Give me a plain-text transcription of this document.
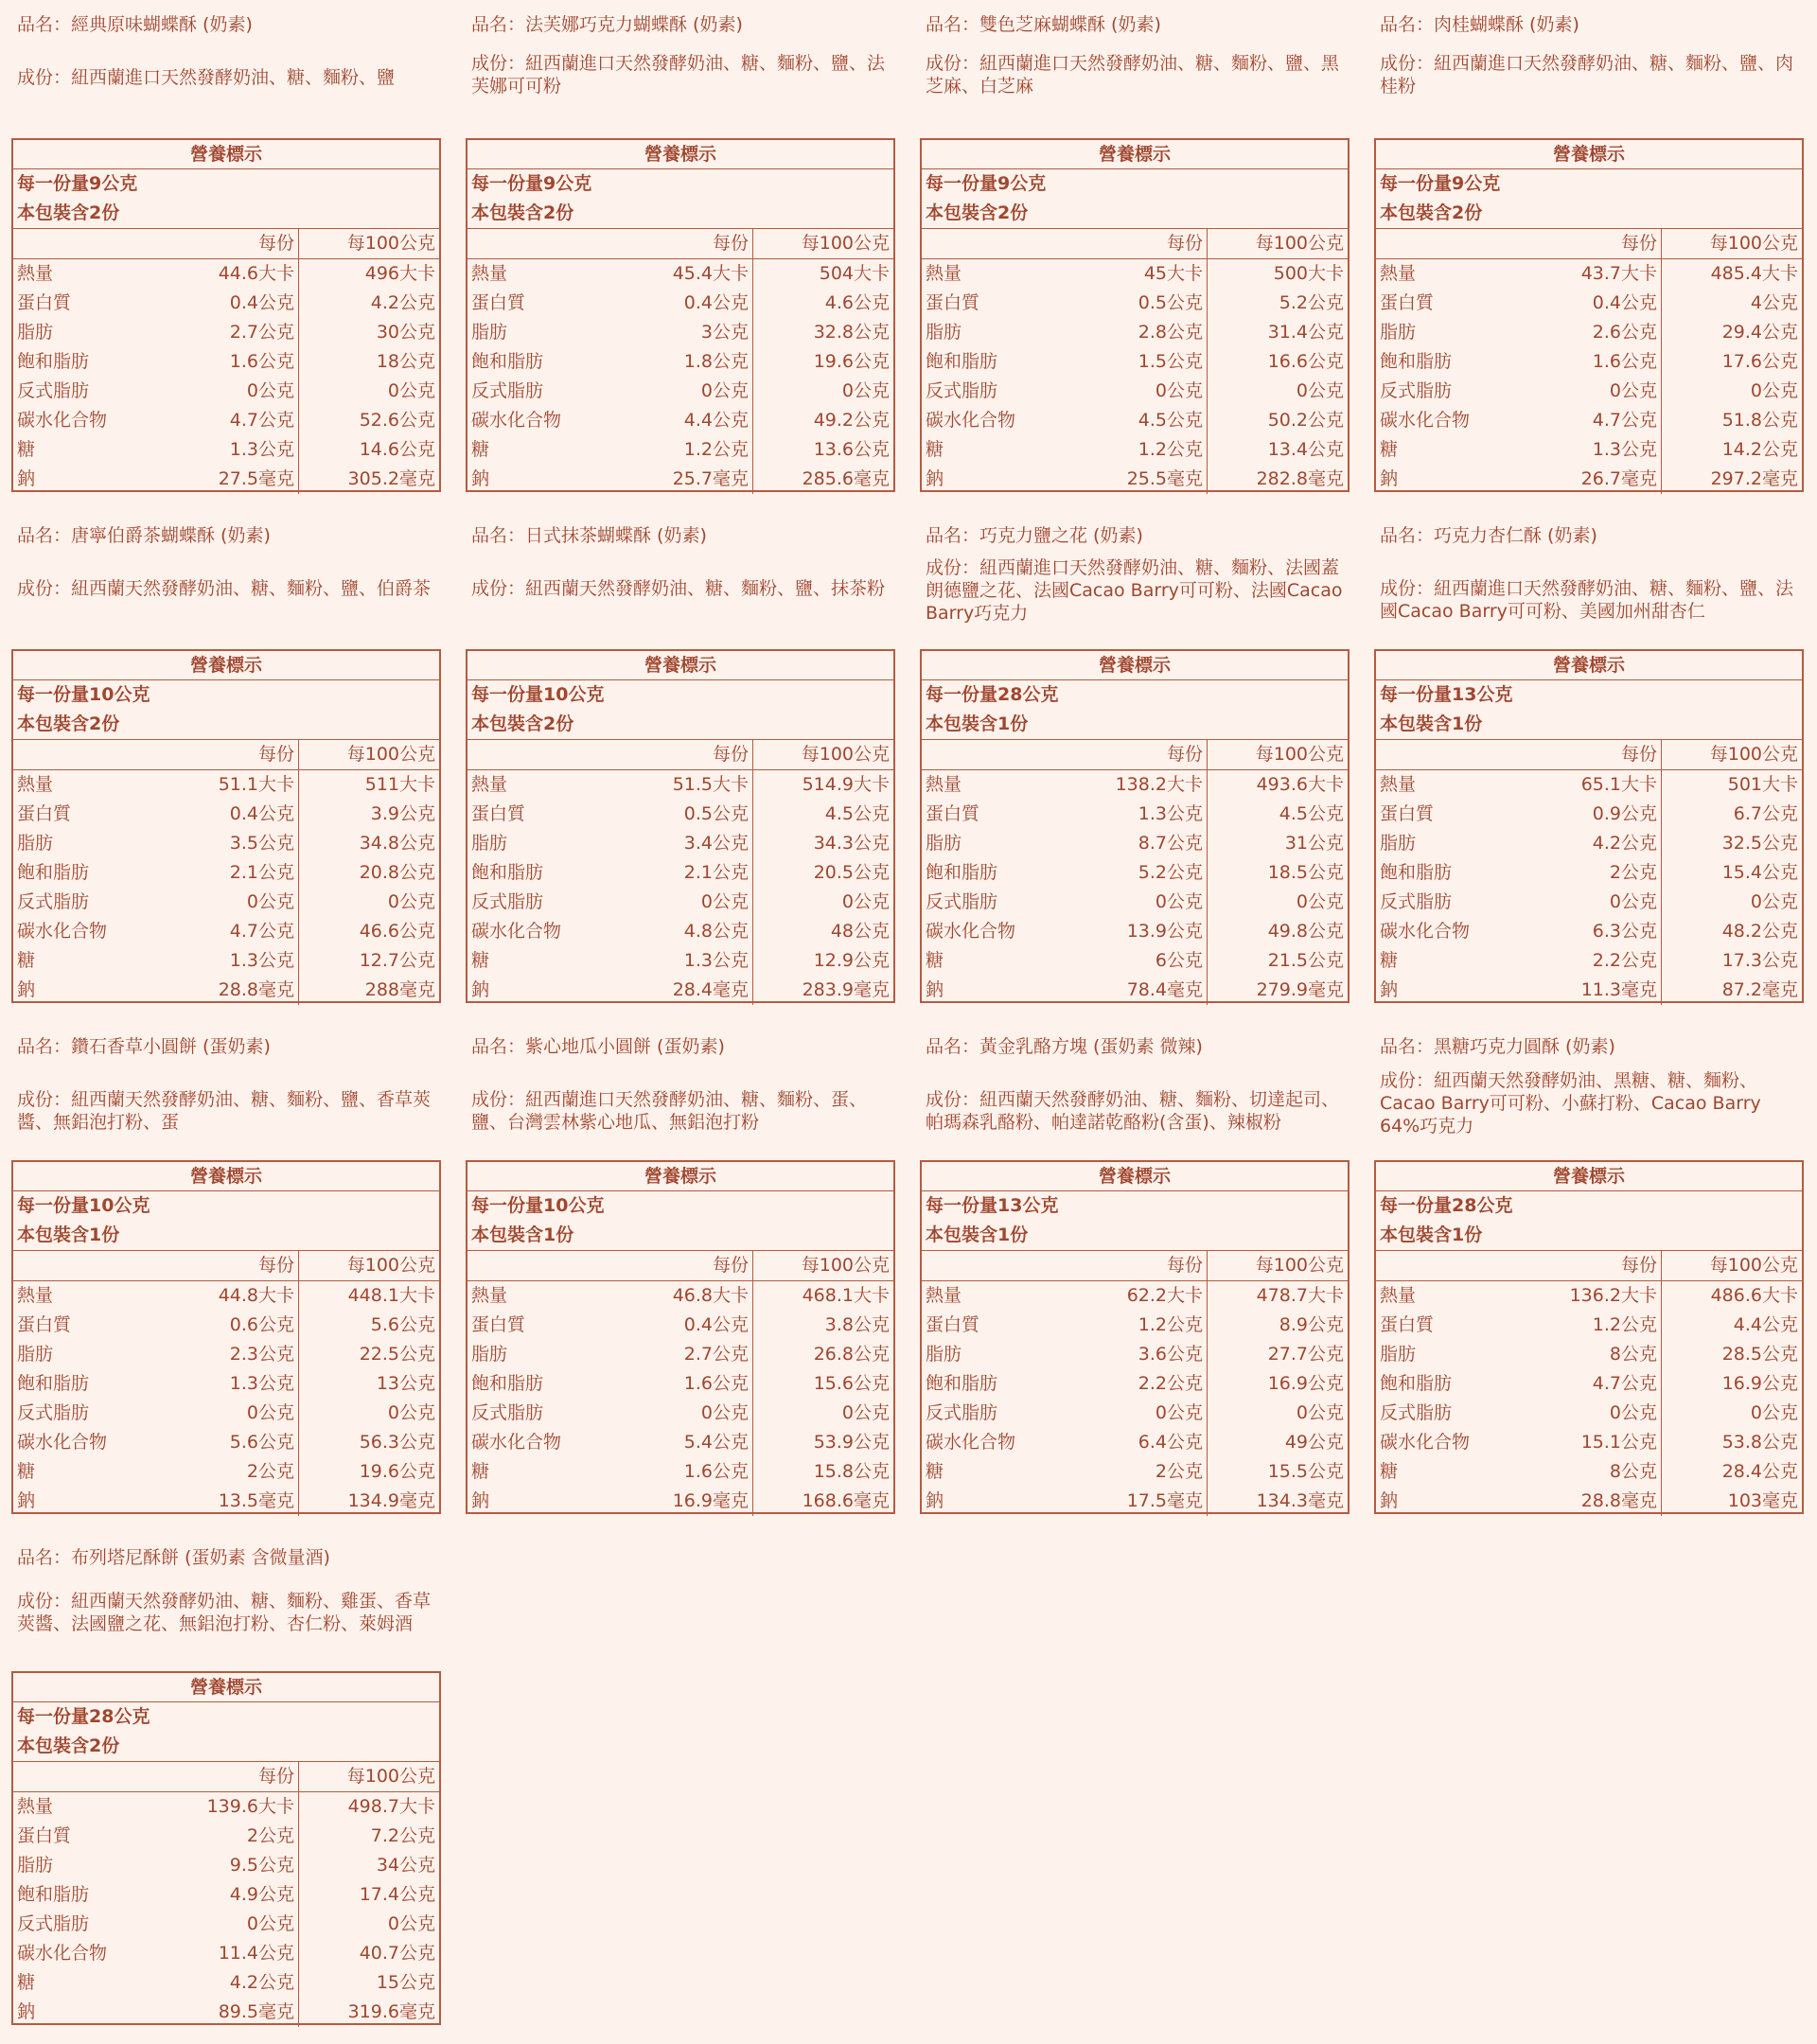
品名：經典原味蝴蝶酥 (奶素)
成份：紐西蘭進口天然發酵奶油、糖、麵粉、鹽
營養標示
每一份量9公克
本包裝含2份
每份	每100公克
熱量	44.6大卡	496大卡
蛋白質	0.4公克	4.2公克
脂肪	2.7公克	30公克
飽和脂肪	1.6公克	18公克
反式脂肪	0公克	0公克
碳水化合物	4.7公克	52.6公克
糖	1.3公克	14.6公克
鈉	27.5毫克	305.2毫克
品名：法芙娜巧克力蝴蝶酥 (奶素)
成份：紐西蘭進口天然發酵奶油、糖、麵粉、鹽、法芙娜可可粉
營養標示
每一份量9公克
本包裝含2份
每份	每100公克
熱量	45.4大卡	504大卡
蛋白質	0.4公克	4.6公克
脂肪	3公克	32.8公克
飽和脂肪	1.8公克	19.6公克
反式脂肪	0公克	0公克
碳水化合物	4.4公克	49.2公克
糖	1.2公克	13.6公克
鈉	25.7毫克	285.6毫克
品名：雙色芝麻蝴蝶酥 (奶素)
成份：紐西蘭進口天然發酵奶油、糖、麵粉、鹽、黑芝麻、白芝麻
營養標示
每一份量9公克
本包裝含2份
每份	每100公克
熱量	45大卡	500大卡
蛋白質	0.5公克	5.2公克
脂肪	2.8公克	31.4公克
飽和脂肪	1.5公克	16.6公克
反式脂肪	0公克	0公克
碳水化合物	4.5公克	50.2公克
糖	1.2公克	13.4公克
鈉	25.5毫克	282.8毫克
品名：肉桂蝴蝶酥 (奶素)
成份：紐西蘭進口天然發酵奶油、糖、麵粉、鹽、肉桂粉
營養標示
每一份量9公克
本包裝含2份
每份	每100公克
熱量	43.7大卡	485.4大卡
蛋白質	0.4公克	4公克
脂肪	2.6公克	29.4公克
飽和脂肪	1.6公克	17.6公克
反式脂肪	0公克	0公克
碳水化合物	4.7公克	51.8公克
糖	1.3公克	14.2公克
鈉	26.7毫克	297.2毫克
品名：唐寧伯爵茶蝴蝶酥 (奶素)
成份：紐西蘭天然發酵奶油、糖、麵粉、鹽、伯爵茶
營養標示
每一份量10公克
本包裝含2份
每份	每100公克
熱量	51.1大卡	511大卡
蛋白質	0.4公克	3.9公克
脂肪	3.5公克	34.8公克
飽和脂肪	2.1公克	20.8公克
反式脂肪	0公克	0公克
碳水化合物	4.7公克	46.6公克
糖	1.3公克	12.7公克
鈉	28.8毫克	288毫克
品名：日式抹茶蝴蝶酥 (奶素)
成份：紐西蘭天然發酵奶油、糖、麵粉、鹽、抹茶粉
營養標示
每一份量10公克
本包裝含2份
每份	每100公克
熱量	51.5大卡	514.9大卡
蛋白質	0.5公克	4.5公克
脂肪	3.4公克	34.3公克
飽和脂肪	2.1公克	20.5公克
反式脂肪	0公克	0公克
碳水化合物	4.8公克	48公克
糖	1.3公克	12.9公克
鈉	28.4毫克	283.9毫克
品名：巧克力鹽之花 (奶素)
成份：紐西蘭進口天然發酵奶油、糖、麵粉、法國蓋朗德鹽之花、法國Cacao Barry可可粉、法國Cacao Barry巧克力
營養標示
每一份量28公克
本包裝含1份
每份	每100公克
熱量	138.2大卡	493.6大卡
蛋白質	1.3公克	4.5公克
脂肪	8.7公克	31公克
飽和脂肪	5.2公克	18.5公克
反式脂肪	0公克	0公克
碳水化合物	13.9公克	49.8公克
糖	6公克	21.5公克
鈉	78.4毫克	279.9毫克
品名：巧克力杏仁酥 (奶素)
成份：紐西蘭進口天然發酵奶油、糖、麵粉、鹽、法國Cacao Barry可可粉、美國加州甜杏仁
營養標示
每一份量13公克
本包裝含1份
每份	每100公克
熱量	65.1大卡	501大卡
蛋白質	0.9公克	6.7公克
脂肪	4.2公克	32.5公克
飽和脂肪	2公克	15.4公克
反式脂肪	0公克	0公克
碳水化合物	6.3公克	48.2公克
糖	2.2公克	17.3公克
鈉	11.3毫克	87.2毫克
品名：鑽石香草小圓餅 (蛋奶素)
成份：紐西蘭天然發酵奶油、糖、麵粉、鹽、香草莢醬、無鋁泡打粉、蛋
營養標示
每一份量10公克
本包裝含1份
每份	每100公克
熱量	44.8大卡	448.1大卡
蛋白質	0.6公克	5.6公克
脂肪	2.3公克	22.5公克
飽和脂肪	1.3公克	13公克
反式脂肪	0公克	0公克
碳水化合物	5.6公克	56.3公克
糖	2公克	19.6公克
鈉	13.5毫克	134.9毫克
品名：紫心地瓜小圓餅 (蛋奶素)
成份：紐西蘭進口天然發酵奶油、糖、麵粉、蛋、鹽、台灣雲林紫心地瓜、無鋁泡打粉
營養標示
每一份量10公克
本包裝含1份
每份	每100公克
熱量	46.8大卡	468.1大卡
蛋白質	0.4公克	3.8公克
脂肪	2.7公克	26.8公克
飽和脂肪	1.6公克	15.6公克
反式脂肪	0公克	0公克
碳水化合物	5.4公克	53.9公克
糖	1.6公克	15.8公克
鈉	16.9毫克	168.6毫克
品名：黃金乳酪方塊 (蛋奶素 微辣)
成份：紐西蘭天然發酵奶油、糖、麵粉、切達起司、帕瑪森乳酪粉、帕達諾乾酪粉(含蛋)、辣椒粉
營養標示
每一份量13公克
本包裝含1份
每份	每100公克
熱量	62.2大卡	478.7大卡
蛋白質	1.2公克	8.9公克
脂肪	3.6公克	27.7公克
飽和脂肪	2.2公克	16.9公克
反式脂肪	0公克	0公克
碳水化合物	6.4公克	49公克
糖	2公克	15.5公克
鈉	17.5毫克	134.3毫克
品名：黑糖巧克力圓酥 (奶素)
成份：紐西蘭天然發酵奶油、黑糖、糖、麵粉、Cacao Barry可可粉、小蘇打粉、Cacao Barry 64%巧克力
營養標示
每一份量28公克
本包裝含1份
每份	每100公克
熱量	136.2大卡	486.6大卡
蛋白質	1.2公克	4.4公克
脂肪	8公克	28.5公克
飽和脂肪	4.7公克	16.9公克
反式脂肪	0公克	0公克
碳水化合物	15.1公克	53.8公克
糖	8公克	28.4公克
鈉	28.8毫克	103毫克
品名：布列塔尼酥餅 (蛋奶素 含微量酒)
成份：紐西蘭天然發酵奶油、糖、麵粉、雞蛋、香草莢醬、法國鹽之花、無鋁泡打粉、杏仁粉、萊姆酒
營養標示
每一份量28公克
本包裝含2份
每份	每100公克
熱量	139.6大卡	498.7大卡
蛋白質	2公克	7.2公克
脂肪	9.5公克	34公克
飽和脂肪	4.9公克	17.4公克
反式脂肪	0公克	0公克
碳水化合物	11.4公克	40.7公克
糖	4.2公克	15公克
鈉	89.5毫克	319.6毫克
